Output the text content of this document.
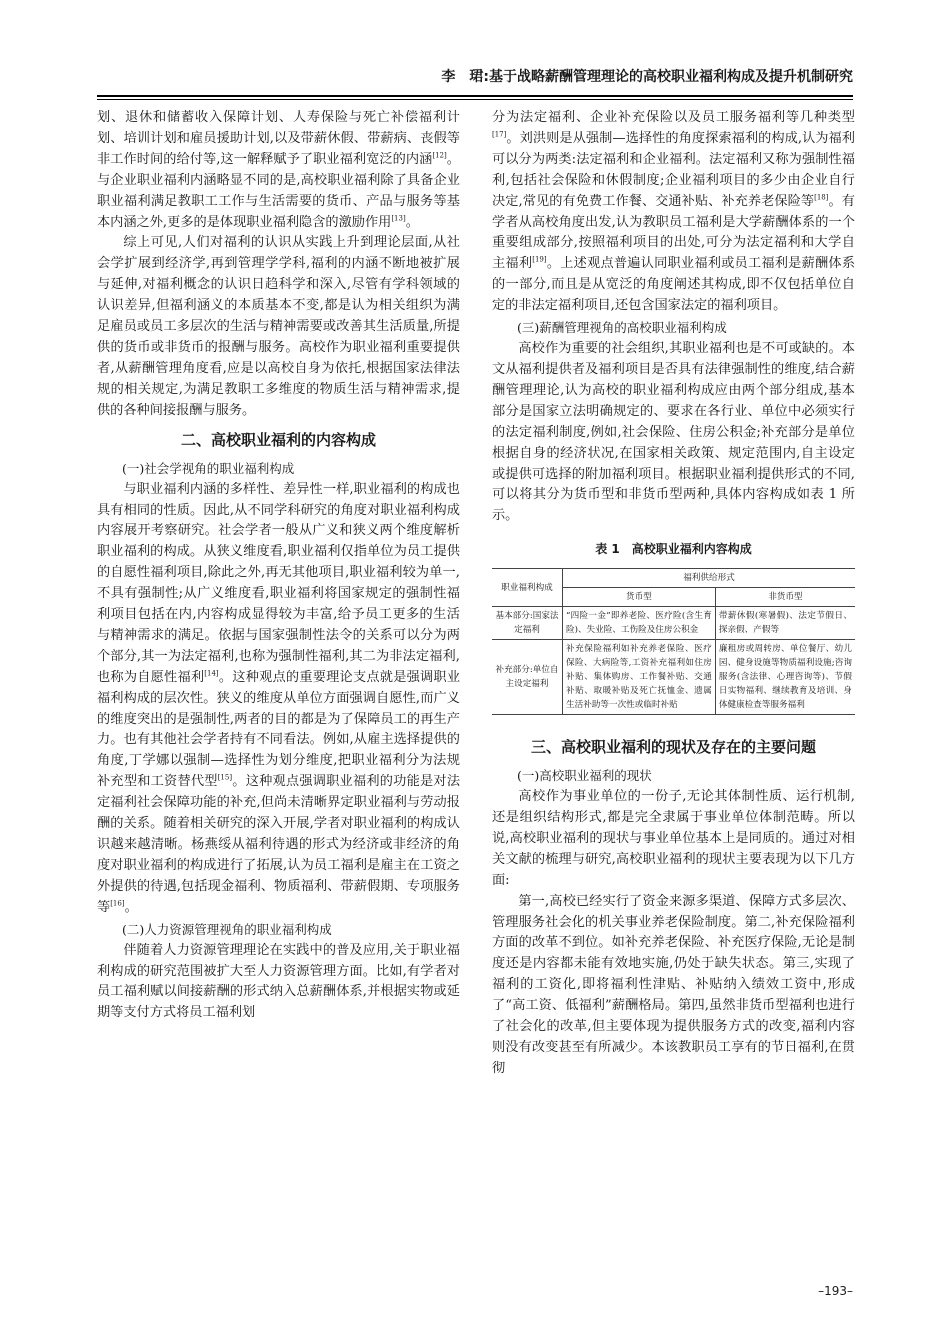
李　珺:基于战略薪酬管理理论的高校职业福利构成及提升机制研究

划、退休和储蓄收入保障计划、人寿保险与死亡补偿福利计划、培训计划和雇员援助计划,以及带薪休假、带薪病、丧假等非工作时间的给付等,这一解释赋予了职业福利宽泛的内涵[12]。与企业职业福利内涵略显不同的是,高校职业福利除了具备企业职业福利满足教职工工作与生活需要的货币、产品与服务等基本内涵之外,更多的是体现职业福利隐含的激励作用[13]。

综上可见,人们对福利的认识从实践上升到理论层面,从社会学扩展到经济学,再到管理学学科,福利的内涵不断地被扩展与延伸,对福利概念的认识日趋科学和深入,尽管有学科领域的认识差异,但福利涵义的本质基本不变,都是认为相关组织为满足雇员或员工多层次的生活与精神需要或改善其生活质量,所提供的货币或非货币的报酬与服务。高校作为职业福利重要提供者,从薪酬管理角度看,应是以高校自身为依托,根据国家法律法规的相关规定,为满足教职工多维度的物质生活与精神需求,提供的各种间接报酬与服务。

二、高校职业福利的内容构成
(一)社会学视角的职业福利构成

与职业福利内涵的多样性、差异性一样,职业福利的构成也具有相同的性质。因此,从不同学科研究的角度对职业福利构成内容展开考察研究。社会学者一般从广义和狭义两个维度解析职业福利的构成。从狭义维度看,职业福利仅指单位为员工提供的自愿性福利项目,除此之外,再无其他项目,职业福利较为单一,不具有强制性;从广义维度看,职业福利将国家规定的强制性福利项目包括在内,内容构成显得较为丰富,给予员工更多的生活与精神需求的满足。依据与国家强制性法令的关系可以分为两个部分,其一为法定福利,也称为强制性福利,其二为非法定福利,也称为自愿性福利[14]。这种观点的重要理论支点就是强调职业福利构成的层次性。狭义的维度从单位方面强调自愿性,而广义的维度突出的是强制性,两者的目的都是为了保障员工的再生产力。也有其他社会学者持有不同看法。例如,从雇主选择提供的角度,丁学娜以强制—选择性为划分维度,把职业福利分为法规补充型和工资替代型[15]。这种观点强调职业福利的功能是对法定福利社会保障功能的补充,但尚未清晰界定职业福利与劳动报酬的关系。随着相关研究的深入开展,学者对职业福利的构成认识越来越清晰。杨燕绥从福利待遇的形式为经济或非经济的角度对职业福利的构成进行了拓展,认为员工福利是雇主在工资之外提供的待遇,包括现金福利、物质福利、带薪假期、专项服务等[16]。

(二)人力资源管理视角的职业福利构成

伴随着人力资源管理理论在实践中的普及应用,关于职业福利构成的研究范围被扩大至人力资源管理方面。比如,有学者对员工福利赋以间接薪酬的形式纳入总薪酬体系,并根据实物或延期等支付方式将员工福利划

分为法定福利、企业补充保险以及员工服务福利等几种类型[17]。刘洪则是从强制—选择性的角度探索福利的构成,认为福利可以分为两类:法定福利和企业福利。法定福利又称为强制性福利,包括社会保险和休假制度;企业福利项目的多少由企业自行决定,常见的有免费工作餐、交通补贴、补充养老保险等[18]。有学者从高校角度出发,认为教职员工福利是大学薪酬体系的一个重要组成部分,按照福利项目的出处,可分为法定福利和大学自主福利[19]。上述观点普遍认同职业福利或员工福利是薪酬体系的一部分,而且是从宽泛的角度阐述其构成,即不仅包括单位自定的非法定福利项目,还包含国家法定的福利项目。

(三)薪酬管理视角的高校职业福利构成

高校作为重要的社会组织,其职业福利也是不可或缺的。本文从福利提供者及福利项目是否具有法律强制性的维度,结合薪酬管理理论,认为高校的职业福利构成应由两个部分组成,基本部分是国家立法明确规定的、要求在各行业、单位中必须实行的法定福利制度,例如,社会保险、住房公积金;补充部分是单位根据自身的经济状况,在国家相关政策、规定范围内,自主设定或提供可选择的附加福利项目。根据职业福利提供形式的不同,可以将其分为货币型和非货币型两种,具体内容构成如表 1 所示。

表 1　高校职业福利内容构成
职业福利构成	福利供给形式	
	货币型	非货币型
基本部分:国家法定福利	“四险一金”即养老险、医疗险(含生育险)、失业险、工伤险及住房公积金	带薪休假(寒暑假)、法定节假日、探亲假、产假等
补充部分:单位自主设定福利	补充保险福利如补充养老保险、医疗保险、大病险等,工资补充福利如住房补贴、集体购房、工作餐补贴、交通补贴、取暖补贴及死亡抚恤金、遗属生活补助等一次性或临时补贴	廉租房或周转房、单位餐厅、幼儿园、健身设施等物质福利设施;咨询服务(含法律、心理咨询等)、节假日实物福利、继续教育及培训、身体健康检查等服务福利
三、高校职业福利的现状及存在的主要问题
(一)高校职业福利的现状

高校作为事业单位的一份子,无论其体制性质、运行机制,还是组织结构形式,都是完全隶属于事业单位体制范畴。所以说,高校职业福利的现状与事业单位基本上是同质的。通过对相关文献的梳理与研究,高校职业福利的现状主要表现为以下几方面:

第一,高校已经实行了资金来源多渠道、保障方式多层次、管理服务社会化的机关事业养老保险制度。第二,补充保险福利方面的改革不到位。如补充养老保险、补充医疗保险,无论是制度还是内容都未能有效地实施,仍处于缺失状态。第三,实现了福利的工资化,即将福利性津贴、补贴纳入绩效工资中,形成了“高工资、低福利”薪酬格局。第四,虽然非货币型福利也进行了社会化的改革,但主要体现为提供服务方式的改变,福利内容则没有改变甚至有所减少。本该教职员工享有的节日福利,在贯彻

–193–
